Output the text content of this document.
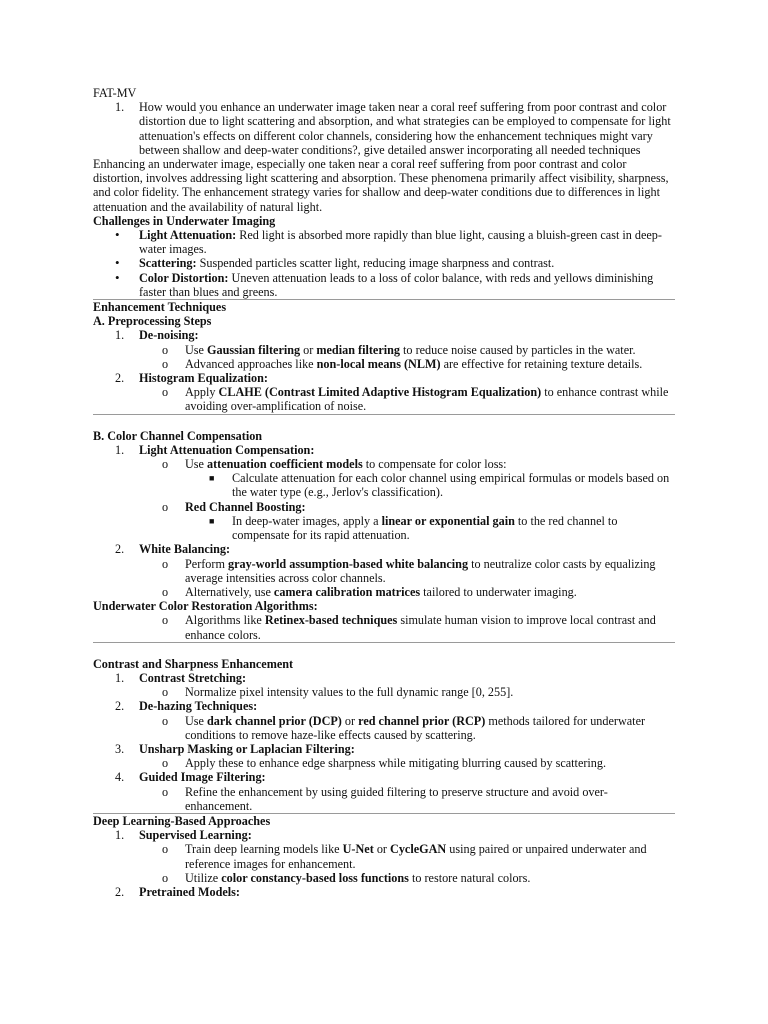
FAT-MV

1. How would you enhance an underwater image taken near a coral reef suffering from poor contrast and color distortion due to light scattering and absorption, and what strategies can be employed to compensate for light attenuation's effects on different color channels, considering how the enhancement techniques might vary between shallow and deep-water conditions?, give detailed answer incorporating all needed techniques

Enhancing an underwater image, especially one taken near a coral reef suffering from poor contrast and color distortion, involves addressing light scattering and absorption. These phenomena primarily affect visibility, sharpness, and color fidelity. The enhancement strategy varies for shallow and deep-water conditions due to differences in light attenuation and the availability of natural light.

Challenges in Underwater Imaging

• Light Attenuation: Red light is absorbed more rapidly than blue light, causing a bluish-green cast in deep-water images.
• Scattering: Suspended particles scatter light, reducing image sharpness and contrast.
• Color Distortion: Uneven attenuation leads to a loss of color balance, with reds and yellows diminishing faster than blues and greens.

Enhancement Techniques

A. Preprocessing Steps

1. De-noising:
o Use Gaussian filtering or median filtering to reduce noise caused by particles in the water.
o Advanced approaches like non-local means (NLM) are effective for retaining texture details.
2. Histogram Equalization:
o Apply CLAHE (Contrast Limited Adaptive Histogram Equalization) to enhance contrast while avoiding over-amplification of noise.

B. Color Channel Compensation

1. Light Attenuation Compensation:
o Use attenuation coefficient models to compensate for color loss:
■ Calculate attenuation for each color channel using empirical formulas or models based on the water type (e.g., Jerlov's classification).
o Red Channel Boosting:
■ In deep-water images, apply a linear or exponential gain to the red channel to compensate for its rapid attenuation.
2. White Balancing:
o Perform gray-world assumption-based white balancing to neutralize color casts by equalizing average intensities across color channels.
o Alternatively, use camera calibration matrices tailored to underwater imaging.

Underwater Color Restoration Algorithms:

o Algorithms like Retinex-based techniques simulate human vision to improve local contrast and enhance colors.

Contrast and Sharpness Enhancement

1. Contrast Stretching:
o Normalize pixel intensity values to the full dynamic range [0, 255].
2. De-hazing Techniques:
o Use dark channel prior (DCP) or red channel prior (RCP) methods tailored for underwater conditions to remove haze-like effects caused by scattering.
3. Unsharp Masking or Laplacian Filtering:
o Apply these to enhance edge sharpness while mitigating blurring caused by scattering.
4. Guided Image Filtering:
o Refine the enhancement by using guided filtering to preserve structure and avoid over-enhancement.

Deep Learning-Based Approaches

1. Supervised Learning:
o Train deep learning models like U-Net or CycleGAN using paired or unpaired underwater and reference images for enhancement.
o Utilize color constancy-based loss functions to restore natural colors.
2. Pretrained Models:
